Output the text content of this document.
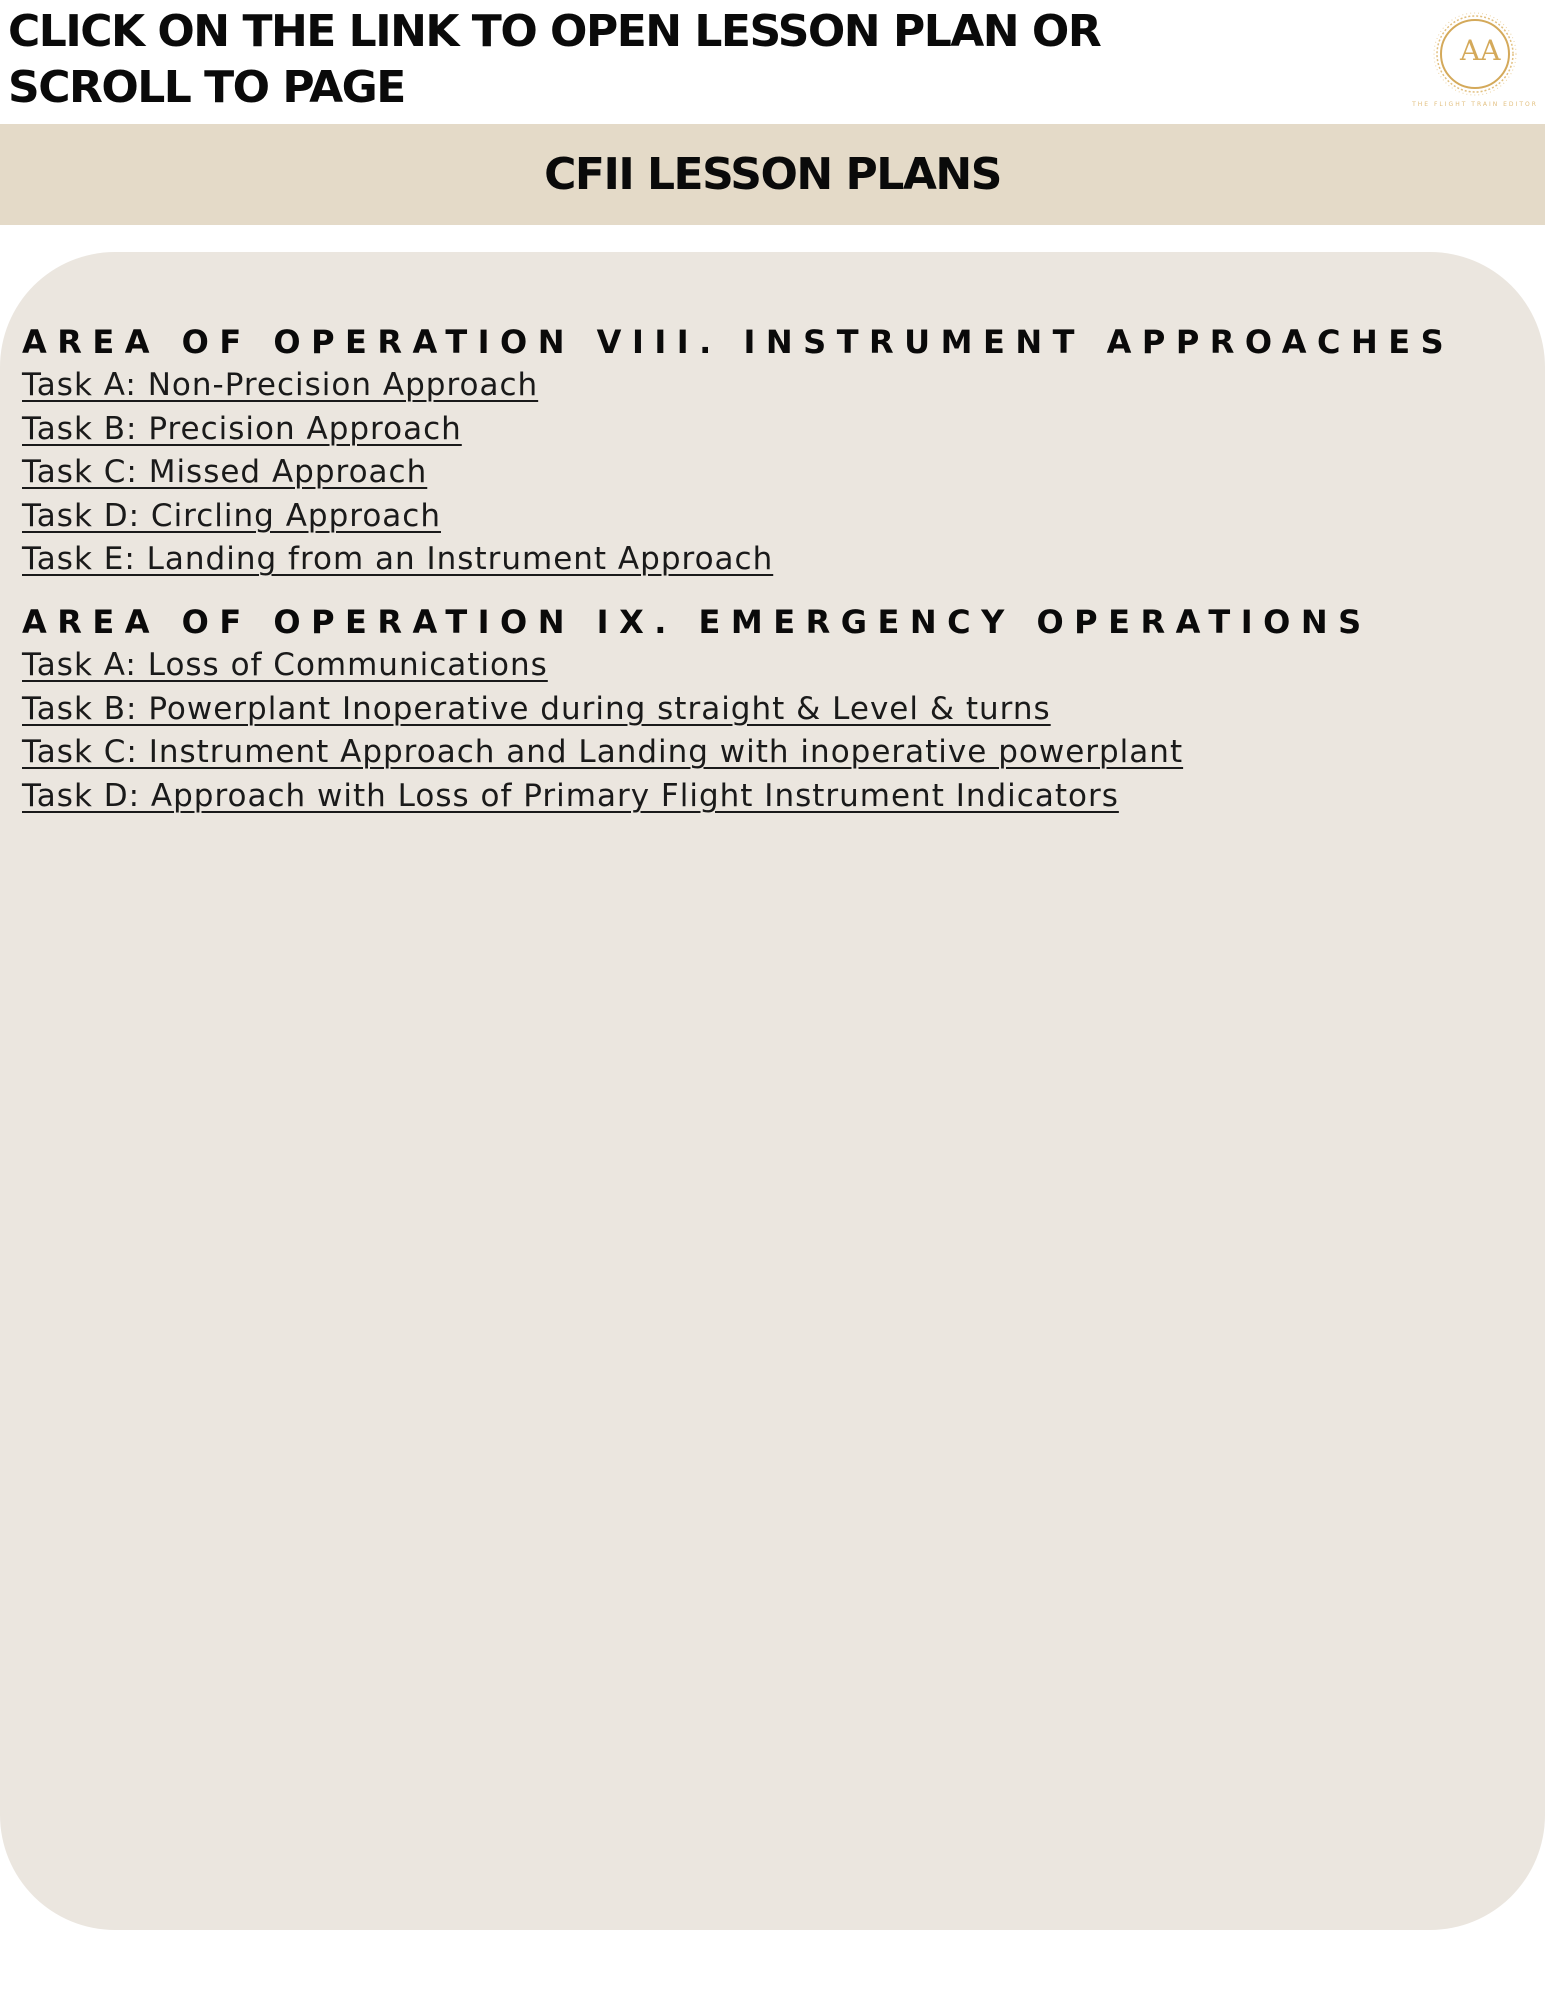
CLICK ON THE LINK TO OPEN LESSON PLAN OR SCROLL TO PAGE
AA
THE FLIGHT TRAIN EDITOR
CFII LESSON PLANS
AREA OF OPERATION VIII. INSTRUMENT APPROACHES
Task A: Non-Precision Approach
Task B: Precision Approach
Task C: Missed Approach
Task D: Circling Approach
Task E: Landing from an Instrument Approach
AREA OF OPERATION IX. EMERGENCY OPERATIONS
Task A: Loss of Communications
Task B: Powerplant Inoperative during straight & Level & turns
Task C: Instrument Approach and Landing with inoperative powerplant
Task D: Approach with Loss of Primary Flight Instrument Indicators
